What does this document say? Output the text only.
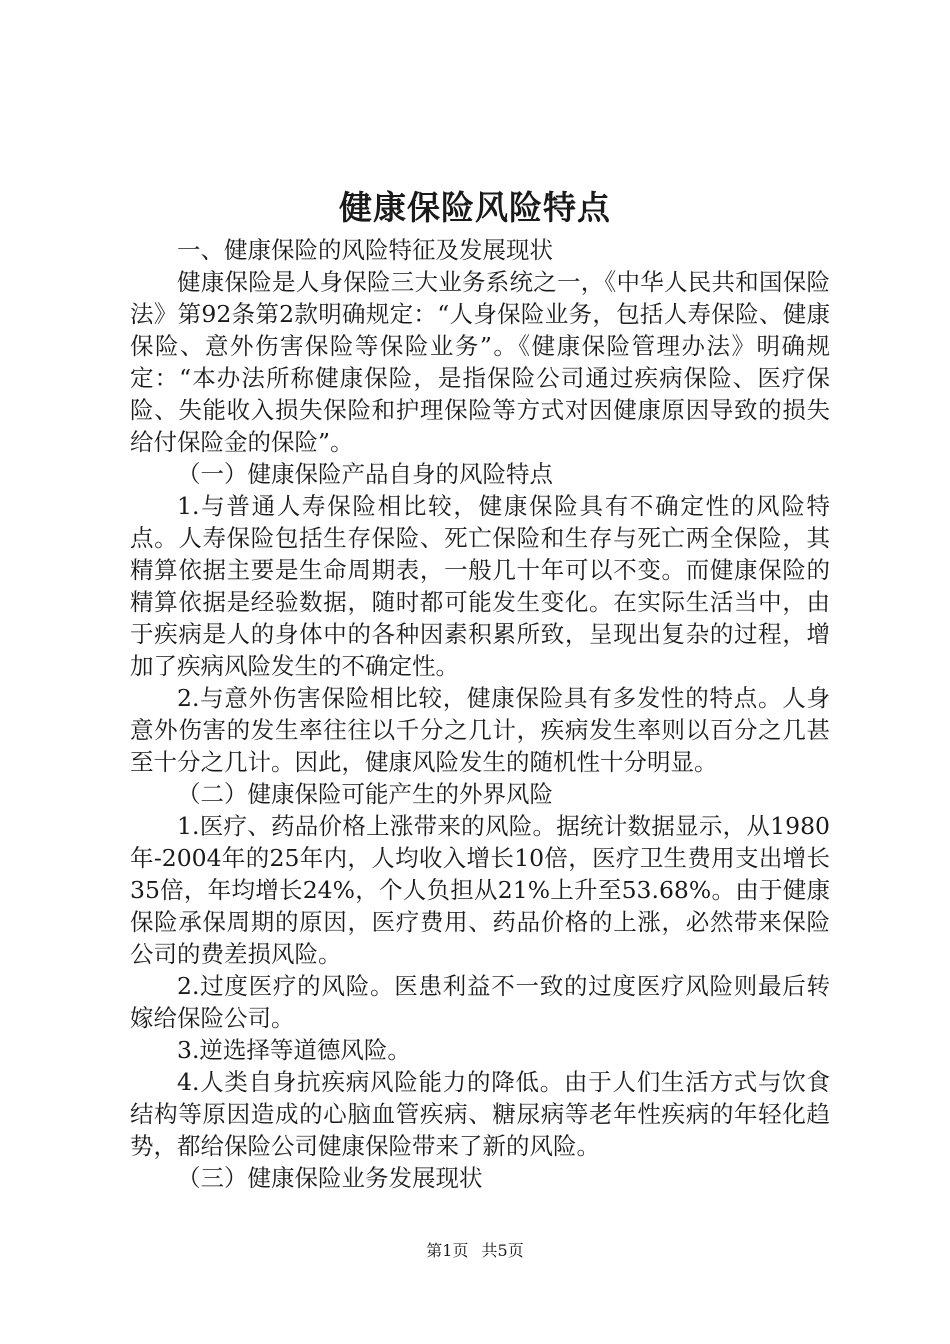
健康保险风险特点

一、健康保险的风险特征及发展现状

健康保险是人身保险三大业务系统之一，《中华人民共和国保险法》第92条第2款明确规定：“人身保险业务，包括人寿保险、健康保险、意外伤害保险等保险业务”。《健康保险管理办法》明确规定：“本办法所称健康保险，是指保险公司通过疾病保险、医疗保险、失能收入损失保险和护理保险等方式对因健康原因导致的损失给付保险金的保险”。

（一）健康保险产品自身的风险特点

1.与普通人寿保险相比较，健康保险具有不确定性的风险特点。人寿保险包括生存保险、死亡保险和生存与死亡两全保险，其精算依据主要是生命周期表，一般几十年可以不变。而健康保险的精算依据是经验数据，随时都可能发生变化。在实际生活当中，由于疾病是人的身体中的各种因素积累所致，呈现出复杂的过程，增加了疾病风险发生的不确定性。

2.与意外伤害保险相比较，健康保险具有多发性的特点。人身意外伤害的发生率往往以千分之几计，疾病发生率则以百分之几甚至十分之几计。因此，健康风险发生的随机性十分明显。

（二）健康保险可能产生的外界风险

1.医疗、药品价格上涨带来的风险。据统计数据显示，从1980年-2004年的25年内，人均收入增长10倍，医疗卫生费用支出增长35倍，年均增长24%，个人负担从21%上升至53.68%。由于健康保险承保周期的原因，医疗费用、药品价格的上涨，必然带来保险公司的费差损风险。

2.过度医疗的风险。医患利益不一致的过度医疗风险则最后转嫁给保险公司。

3.逆选择等道德风险。

4.人类自身抗疾病风险能力的降低。由于人们生活方式与饮食结构等原因造成的心脑血管疾病、糖尿病等老年性疾病的年轻化趋势，都给保险公司健康保险带来了新的风险。

（三）健康保险业务发展现状

第1页 共5页
